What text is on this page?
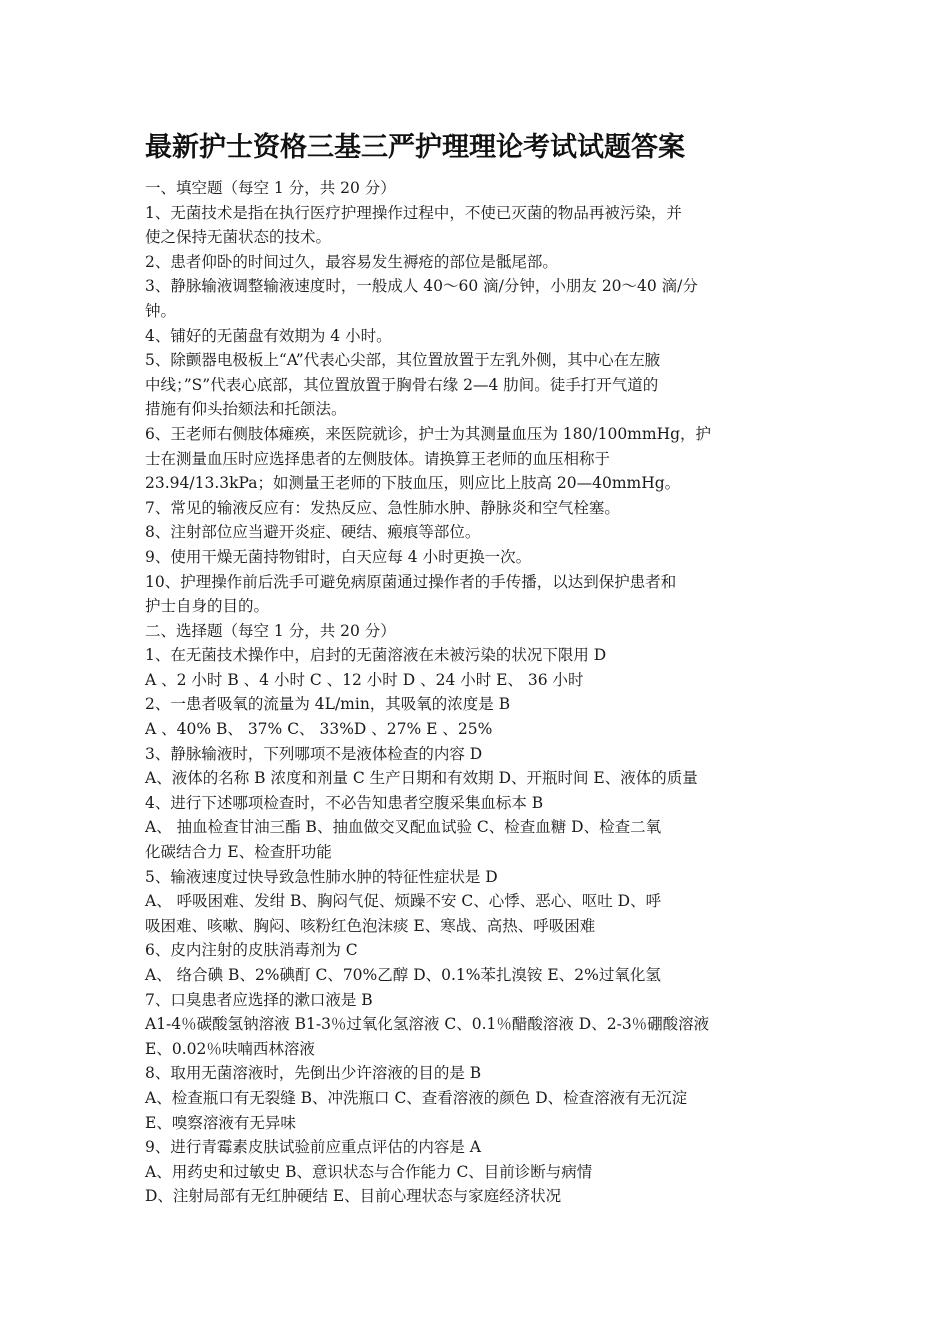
最新护士资格三基三严护理理论考试试题答案

一、填空题（每空 1 分，共 20 分）

1、无菌技术是指在执行医疗护理操作过程中，不使已灭菌的物品再被污染，并

使之保持无菌状态的技术。

2、患者仰卧的时间过久，最容易发生褥疮的部位是骶尾部。

3、静脉输液调整输液速度时，一般成人 40～60 滴/分钟，小朋友 20～40 滴/分

钟。

4、铺好的无菌盘有效期为 4 小时。

5、除颤器电极板上“A”代表心尖部，其位置放置于左乳外侧，其中心在左腋

中线；”S”代表心底部，其位置放置于胸骨右缘 2—4 肋间。徒手打开气道的

措施有仰头抬颏法和托颌法。

6、王老师右侧肢体瘫痪，来医院就诊，护士为其测量血压为 180/100mmHg，护

士在测量血压时应选择患者的左侧肢体。请换算王老师的血压相称于

23.94/13.3kPa；如测量王老师的下肢血压，则应比上肢高 20—40mmHg。

7、常见的输液反应有：发热反应、急性肺水肿、静脉炎和空气栓塞。

8、注射部位应当避开炎症、硬结、瘢痕等部位。

9、使用干燥无菌持物钳时，白天应每 4 小时更换一次。

10、护理操作前后洗手可避免病原菌通过操作者的手传播，以达到保护患者和

护士自身的目的。

二、选择题（每空 1 分，共 20 分）

1、在无菌技术操作中，启封的无菌溶液在未被污染的状况下限用 D

A 、2 小时 B 、4 小时 C 、12 小时 D 、24 小时 E、 36 小时

2、一患者吸氧的流量为 4L/min，其吸氧的浓度是 B

A 、40% B、 37% C、 33%D 、27% E 、25%

3、静脉输液时，下列哪项不是液体检查的内容 D

A、液体的名称 B 浓度和剂量 C 生产日期和有效期 D、开瓶时间 E、液体的质量

4、进行下述哪项检查时，不必告知患者空腹采集血标本 B

A、 抽血检查甘油三酯 B、抽血做交叉配血试验 C、检查血糖 D、检查二氧

化碳结合力 E、检查肝功能

5、输液速度过快导致急性肺水肿的特征性症状是 D

A、 呼吸困难、发绀 B、胸闷气促、烦躁不安 C、心悸、恶心、呕吐 D、呼

吸困难、咳嗽、胸闷、咳粉红色泡沫痰 E、寒战、高热、呼吸困难

6、皮内注射的皮肤消毒剂为 C

A、 络合碘 B、2%碘酊 C、70%乙醇 D、0.1%苯扎溴铵 E、2%过氧化氢

7、口臭患者应选择的漱口液是 B

A1-4％碳酸氢钠溶液 B1-3％过氧化氢溶液 C、0.1％醋酸溶液 D、2-3％硼酸溶液

E、0.02％呋喃西林溶液

8、取用无菌溶液时，先倒出少许溶液的目的是 B

A、检查瓶口有无裂缝 B、冲洗瓶口 C、查看溶液的颜色 D、检查溶液有无沉淀

E、嗅察溶液有无异味

9、进行青霉素皮肤试验前应重点评估的内容是 A

A、用药史和过敏史 B、意识状态与合作能力 C、目前诊断与病情

D、注射局部有无红肿硬结 E、目前心理状态与家庭经济状况
